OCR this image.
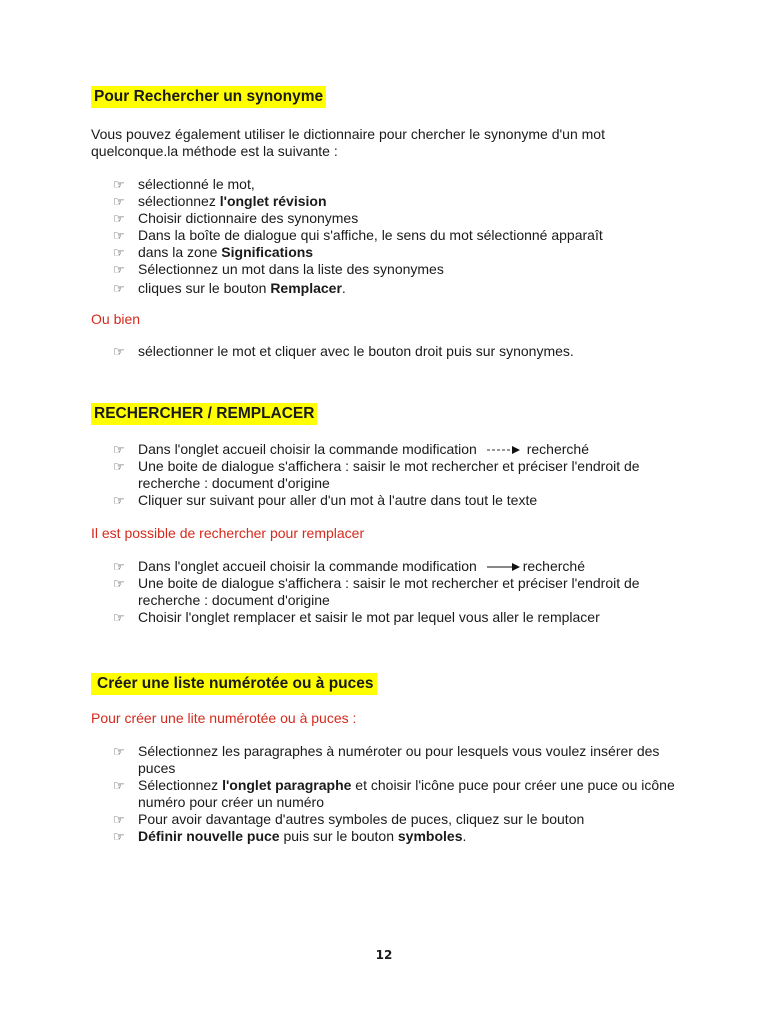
Pour Rechercher un synonyme

Vous pouvez également utiliser le dictionnaire pour chercher le synonyme d'un mot quelconque.la méthode est la suivante :

☞ sélectionné le mot,
☞ sélectionnez l'onglet révision
☞ Choisir dictionnaire des synonymes
☞ Dans la boîte de dialogue qui s'affiche, le sens du mot sélectionné apparaît
☞ dans la zone Significations
☞ Sélectionnez un mot dans la liste des synonymes
☞ cliques sur le bouton Remplacer.

Ou bien

☞ sélectionner le mot et cliquer avec le bouton droit puis sur synonymes.
RECHERCHER / REMPLACER
☞ Dans l'onglet accueil choisir la commande modification	recherché
☞ Une boite de dialogue s'affichera : saisir le mot rechercher et préciser l'endroit de recherche : document d'origine
☞ Cliquer sur suivant pour aller d'un mot à l'autre dans tout le texte

Il est possible de rechercher pour remplacer

☞ Dans l'onglet accueil choisir la commande modification	recherché
☞ Une boite de dialogue s'affichera : saisir le mot rechercher et préciser l'endroit de recherche : document d'origine
☞ Choisir l'onglet remplacer et saisir le mot par lequel vous aller le remplacer
Créer une liste numérotée ou à puces

Pour créer une lite numérotée ou à puces :

☞ Sélectionnez les paragraphes à numéroter ou pour lesquels vous voulez insérer des puces
☞ Sélectionnez l'onglet paragraphe et choisir l'icône puce pour créer une puce ou icône numéro pour créer un numéro
☞ Pour avoir davantage d'autres symboles de puces, cliquez sur le bouton
☞ Définir nouvelle puce puis sur le bouton symboles.
12
